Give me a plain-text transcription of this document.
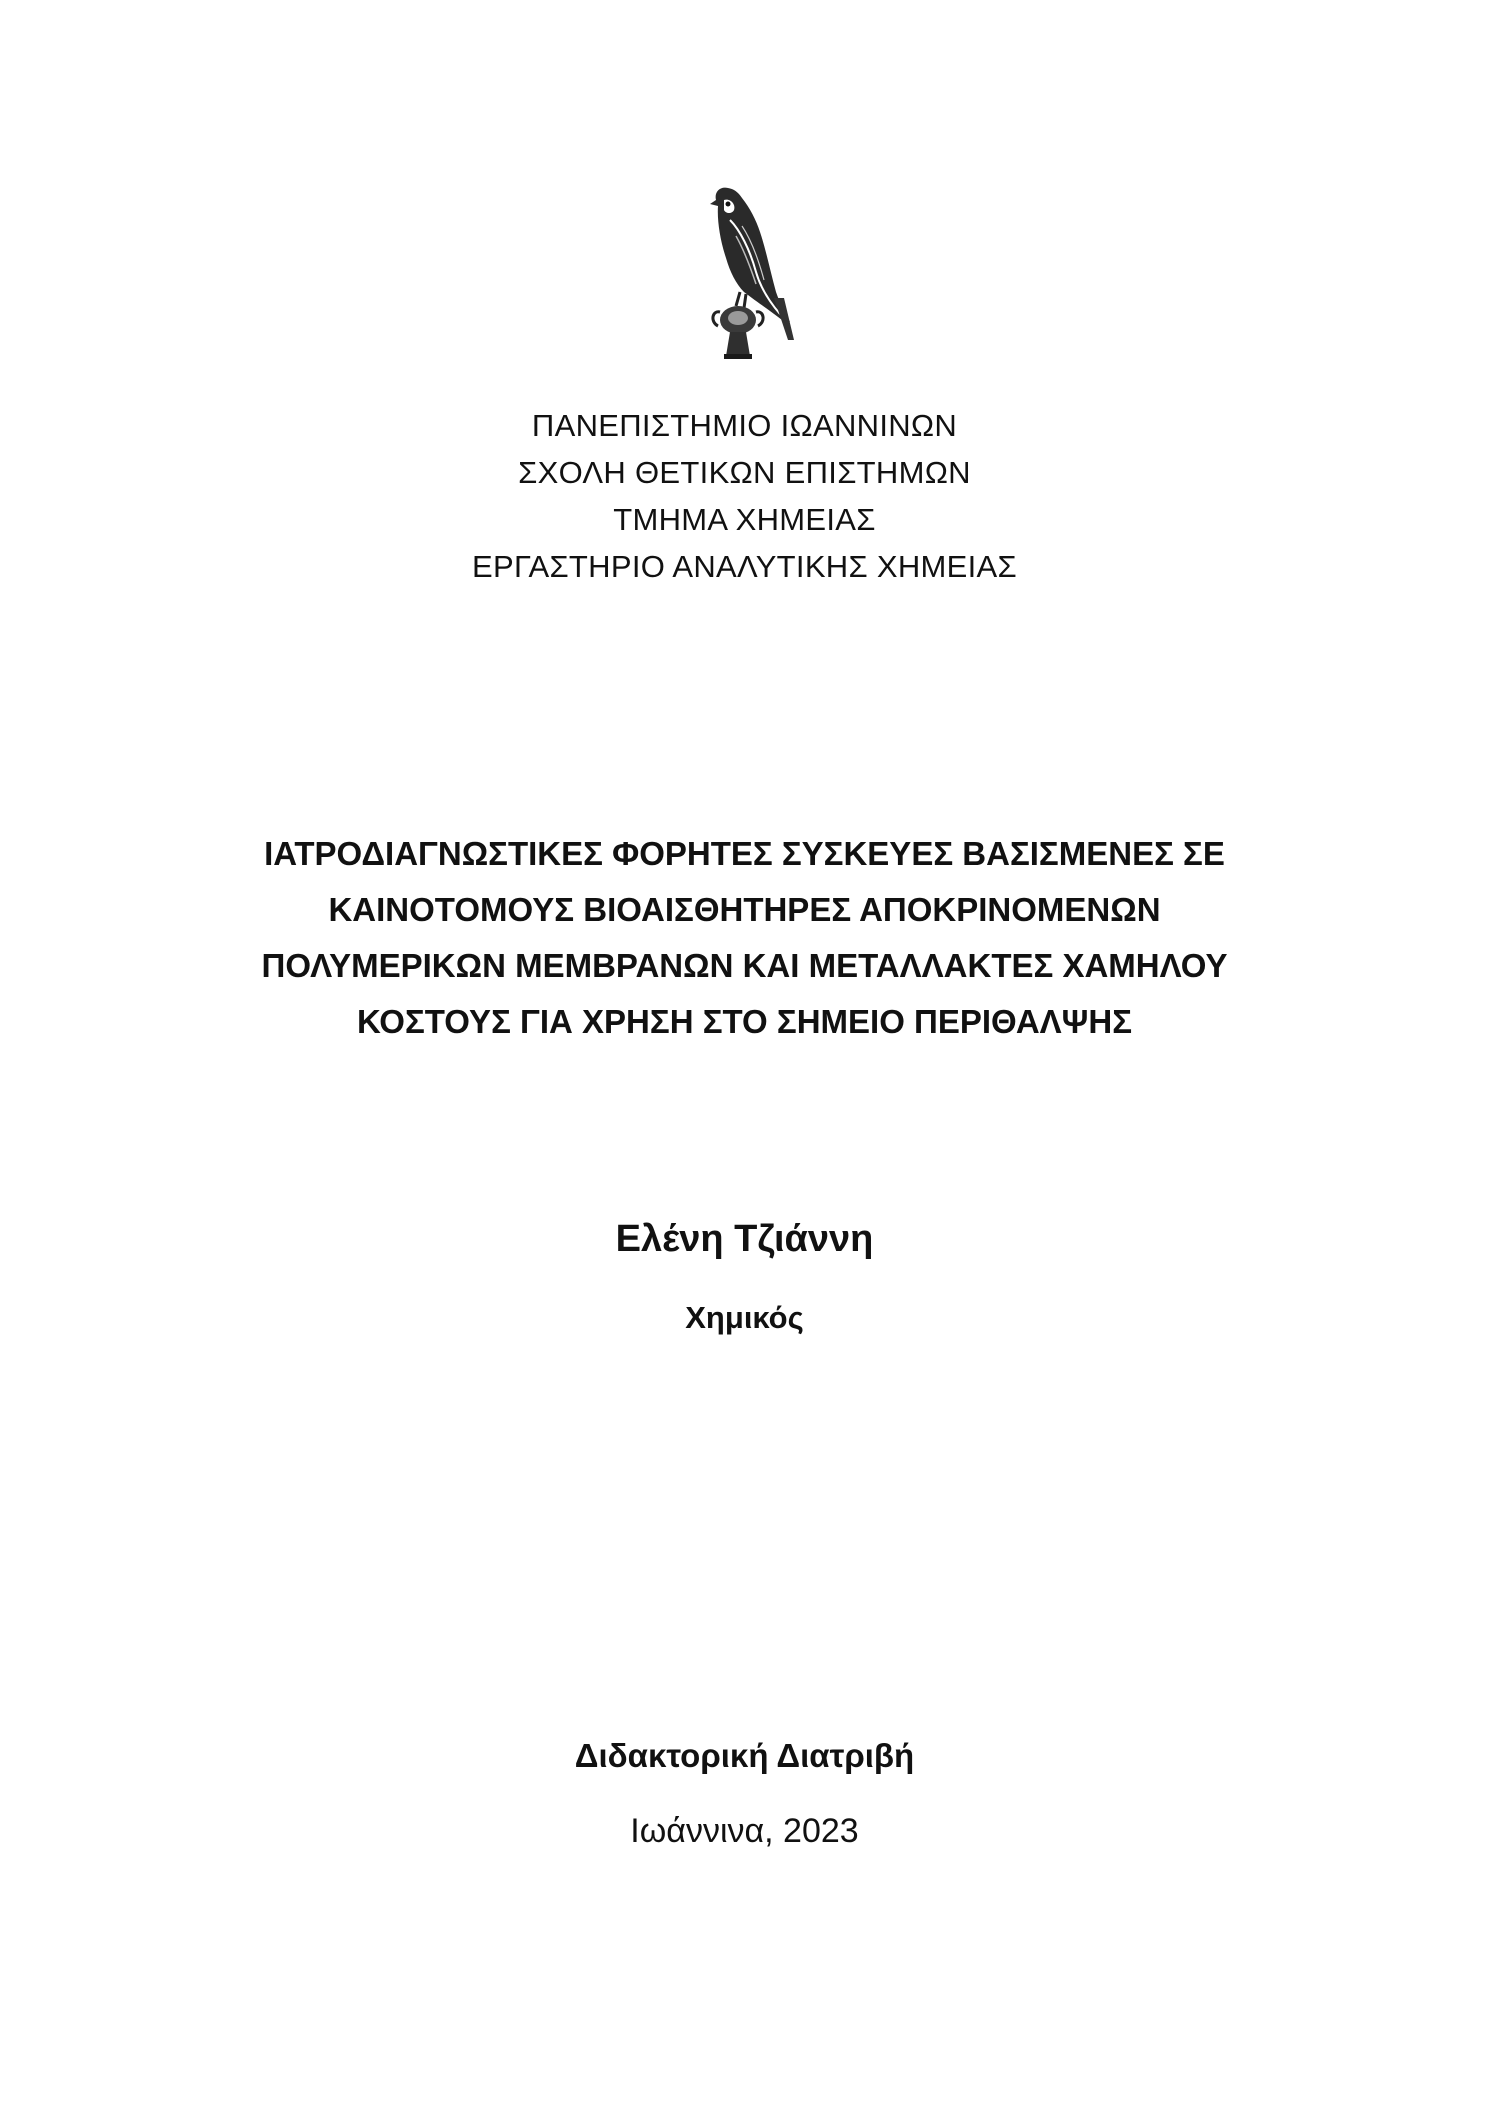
ΠΑΝΕΠΙΣΤΗΜΙΟ ΙΩΑΝΝΙΝΩΝ
ΣΧΟΛΗ ΘΕΤΙΚΩΝ ΕΠΙΣΤΗΜΩΝ
ΤΜΗΜΑ ΧΗΜΕΙΑΣ
ΕΡΓΑΣΤΗΡΙΟ ΑΝΑΛΥΤΙΚΗΣ ΧΗΜΕΙΑΣ
ΙΑΤΡΟΔΙΑΓΝΩΣΤΙΚΕΣ ΦΟΡΗΤΕΣ ΣΥΣΚΕΥΕΣ ΒΑΣΙΣΜΕΝΕΣ ΣΕ
ΚΑΙΝΟΤΟΜΟΥΣ ΒΙΟΑΙΣΘΗΤΗΡΕΣ ΑΠΟΚΡΙΝΟΜΕΝΩΝ
ΠΟΛΥΜΕΡΙΚΩΝ ΜΕΜΒΡΑΝΩΝ ΚΑΙ ΜΕΤΑΛΛΑΚΤΕΣ ΧΑΜΗΛΟΥ
ΚΟΣΤΟΥΣ ΓΙΑ ΧΡΗΣΗ ΣΤΟ ΣΗΜΕΙΟ ΠΕΡΙΘΑΛΨΗΣ
Ελένη Τζιάννη
Χημικός
Διδακτορική Διατριβή
Ιωάννινα, 2023
